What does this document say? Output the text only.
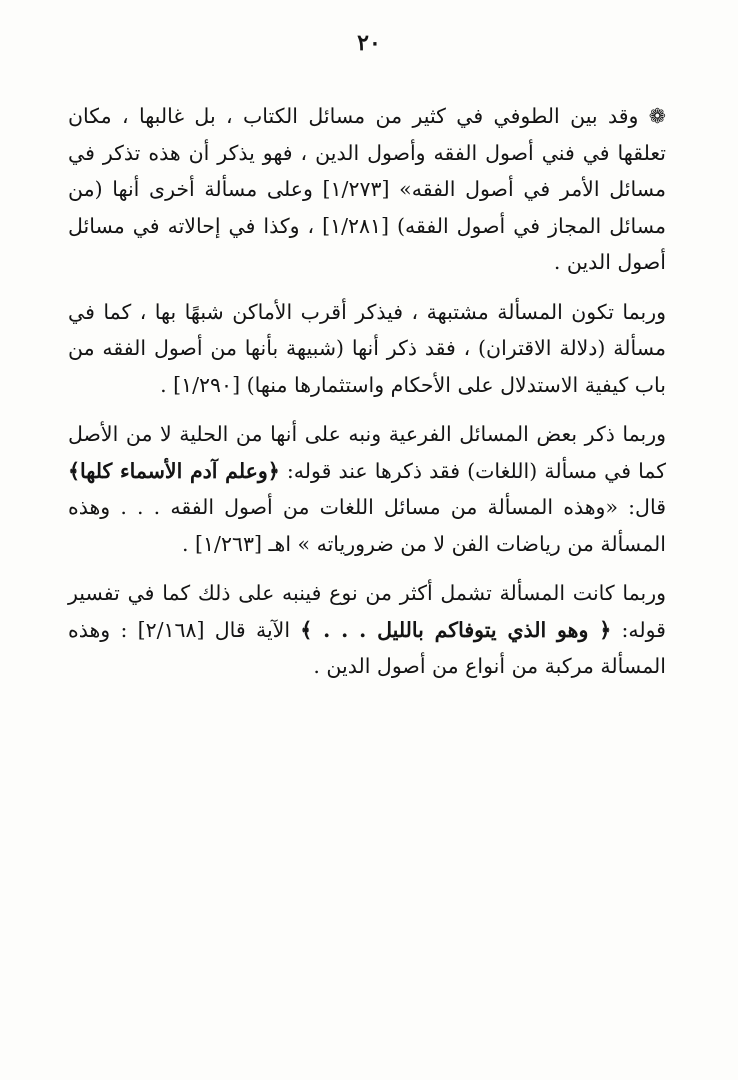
٢٠

❁ وقد بين الطوفي في كثير من مسائل الكتاب ، بل غالبها ، مكان تعلقها في فني أصول الفقه وأصول الدين ، فهو يذكر أن هذه تذكر في مسائل الأمر في أصول الفقه» [١/٢٧٣] وعلى مسألة أخرى أنها (من مسائل المجاز في أصول الفقه) [١/٢٨١] ، وكذا في إحالاته في مسائل أصول الدين .

وربما تكون المسألة مشتبهة ، فيذكر أقرب الأماكن شبهًا بها ، كما في مسألة (دلالة الاقتران) ، فقد ذكر أنها (شبيهة بأنها من أصول الفقه من باب كيفية الاستدلال على الأحكام واستثمارها منها) [١/٢٩٠] .

وربما ذكر بعض المسائل الفرعية ونبه على أنها من الحلية لا من الأصل كما في مسألة (اللغات) فقد ذكرها عند قوله: ﴿وعلم آدم الأسماء كلها﴾ قال: «وهذه المسألة من مسائل اللغات من أصول الفقه . . . وهذه المسألة من رياضات الفن لا من ضرورياته » اهـ [١/٢٦٣] .

وربما كانت المسألة تشمل أكثر من نوع فينبه على ذلك كما في تفسير قوله: ﴿ وهو الذي يتوفاكم بالليل . . . ﴾ الآية قال [٢/١٦٨] : وهذه المسألة مركبة من أنواع من أصول الدين .
